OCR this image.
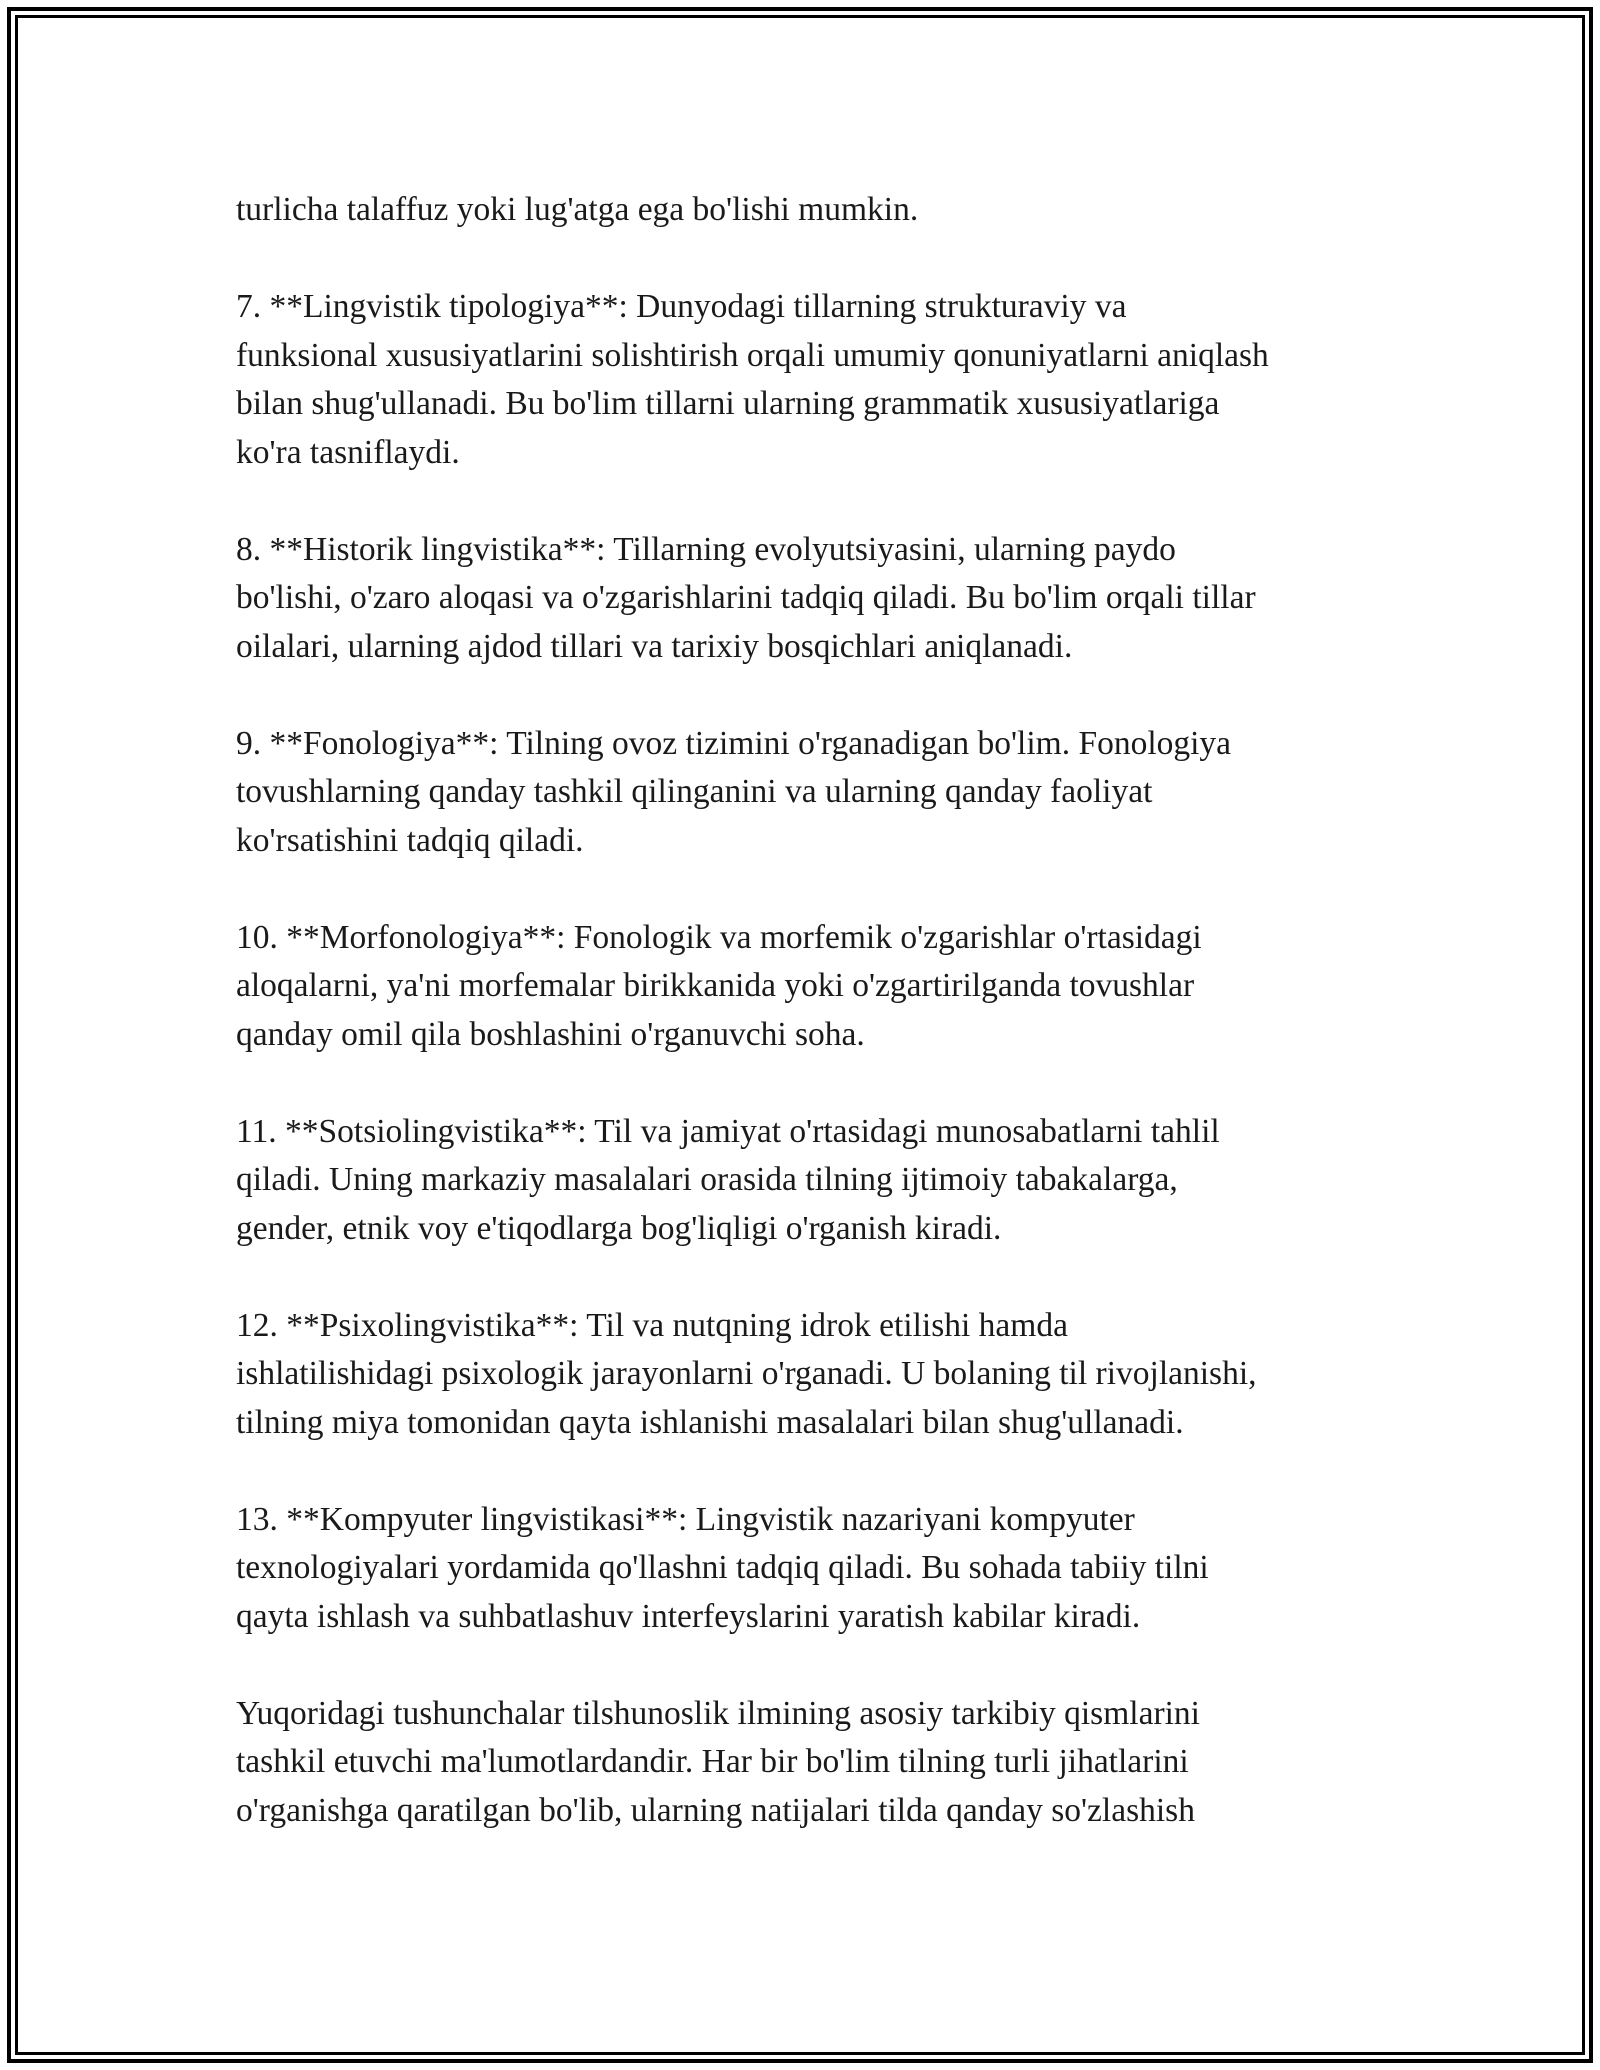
turlicha talaffuz yoki lug'atga ega bo'lishi mumkin.

7. **Lingvistik tipologiya**: Dunyodagi tillarning strukturaviy va
funksional xususiyatlarini solishtirish orqali umumiy qonuniyatlarni aniqlash
bilan shug'ullanadi. Bu bo'lim tillarni ularning grammatik xususiyatlariga
ko'ra tasniflaydi.

8. **Historik lingvistika**: Tillarning evolyutsiyasini, ularning paydo
bo'lishi, o'zaro aloqasi va o'zgarishlarini tadqiq qiladi. Bu bo'lim orqali tillar
oilalari, ularning ajdod tillari va tarixiy bosqichlari aniqlanadi.

9. **Fonologiya**: Tilning ovoz tizimini o'rganadigan bo'lim. Fonologiya
tovushlarning qanday tashkil qilinganini va ularning qanday faoliyat
ko'rsatishini tadqiq qiladi.

10. **Morfonologiya**: Fonologik va morfemik o'zgarishlar o'rtasidagi
aloqalarni, ya'ni morfemalar birikkanida yoki o'zgartirilganda tovushlar
qanday omil qila boshlashini o'rganuvchi soha.

11. **Sotsiolingvistika**: Til va jamiyat o'rtasidagi munosabatlarni tahlil
qiladi. Uning markaziy masalalari orasida tilning ijtimoiy tabakalarga,
gender, etnik voy e'tiqodlarga bog'liqligi o'rganish kiradi.

12. **Psixolingvistika**: Til va nutqning idrok etilishi hamda
ishlatilishidagi psixologik jarayonlarni o'rganadi. U bolaning til rivojlanishi,
tilning miya tomonidan qayta ishlanishi masalalari bilan shug'ullanadi.

13. **Kompyuter lingvistikasi**: Lingvistik nazariyani kompyuter
texnologiyalari yordamida qo'llashni tadqiq qiladi. Bu sohada tabiiy tilni
qayta ishlash va suhbatlashuv interfeyslarini yaratish kabilar kiradi.

Yuqoridagi tushunchalar tilshunoslik ilmining asosiy tarkibiy qismlarini
tashkil etuvchi ma'lumotlardandir. Har bir bo'lim tilning turli jihatlarini
o'rganishga qaratilgan bo'lib, ularning natijalari tilda qanday so'zlashish
